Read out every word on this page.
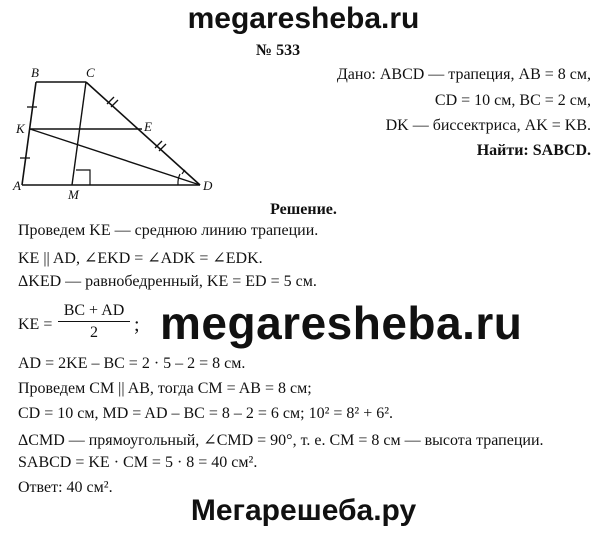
megaresheba.ru
№ 533
B	C
K	E
A
M
D
Дано: ABCD — трапеция, AB = 8 см,
CD = 10 см, BC = 2 см,
DK — биссектриса, AK = KB.
Найти: SABCD.
Решение.
Проведем KE — среднюю линию трапеции.
KE || AD, ∠EKD = ∠ADK = ∠EDK.
ΔKED — равнобедренный, KE = ED = 5 см.
KE = $\frac{BC + AD}{2}$ ; megaresheba.ru
AD = 2KE – BC = 2 · 5 – 2 = 8 см.
Проведем CM || AB, тогда CM = AB = 8 см;
CD = 10 см, MD = AD – BC = 8 – 2 = 6 см; 10² = 8² + 6².
ΔCMD — прямоугольный, ∠CMD = 90°, т. е. CM = 8 см — высота трапеции.
SABCD = KE · CM = 5 · 8 = 40 см².
Ответ: 40 см².
Мегарешеба.ру
